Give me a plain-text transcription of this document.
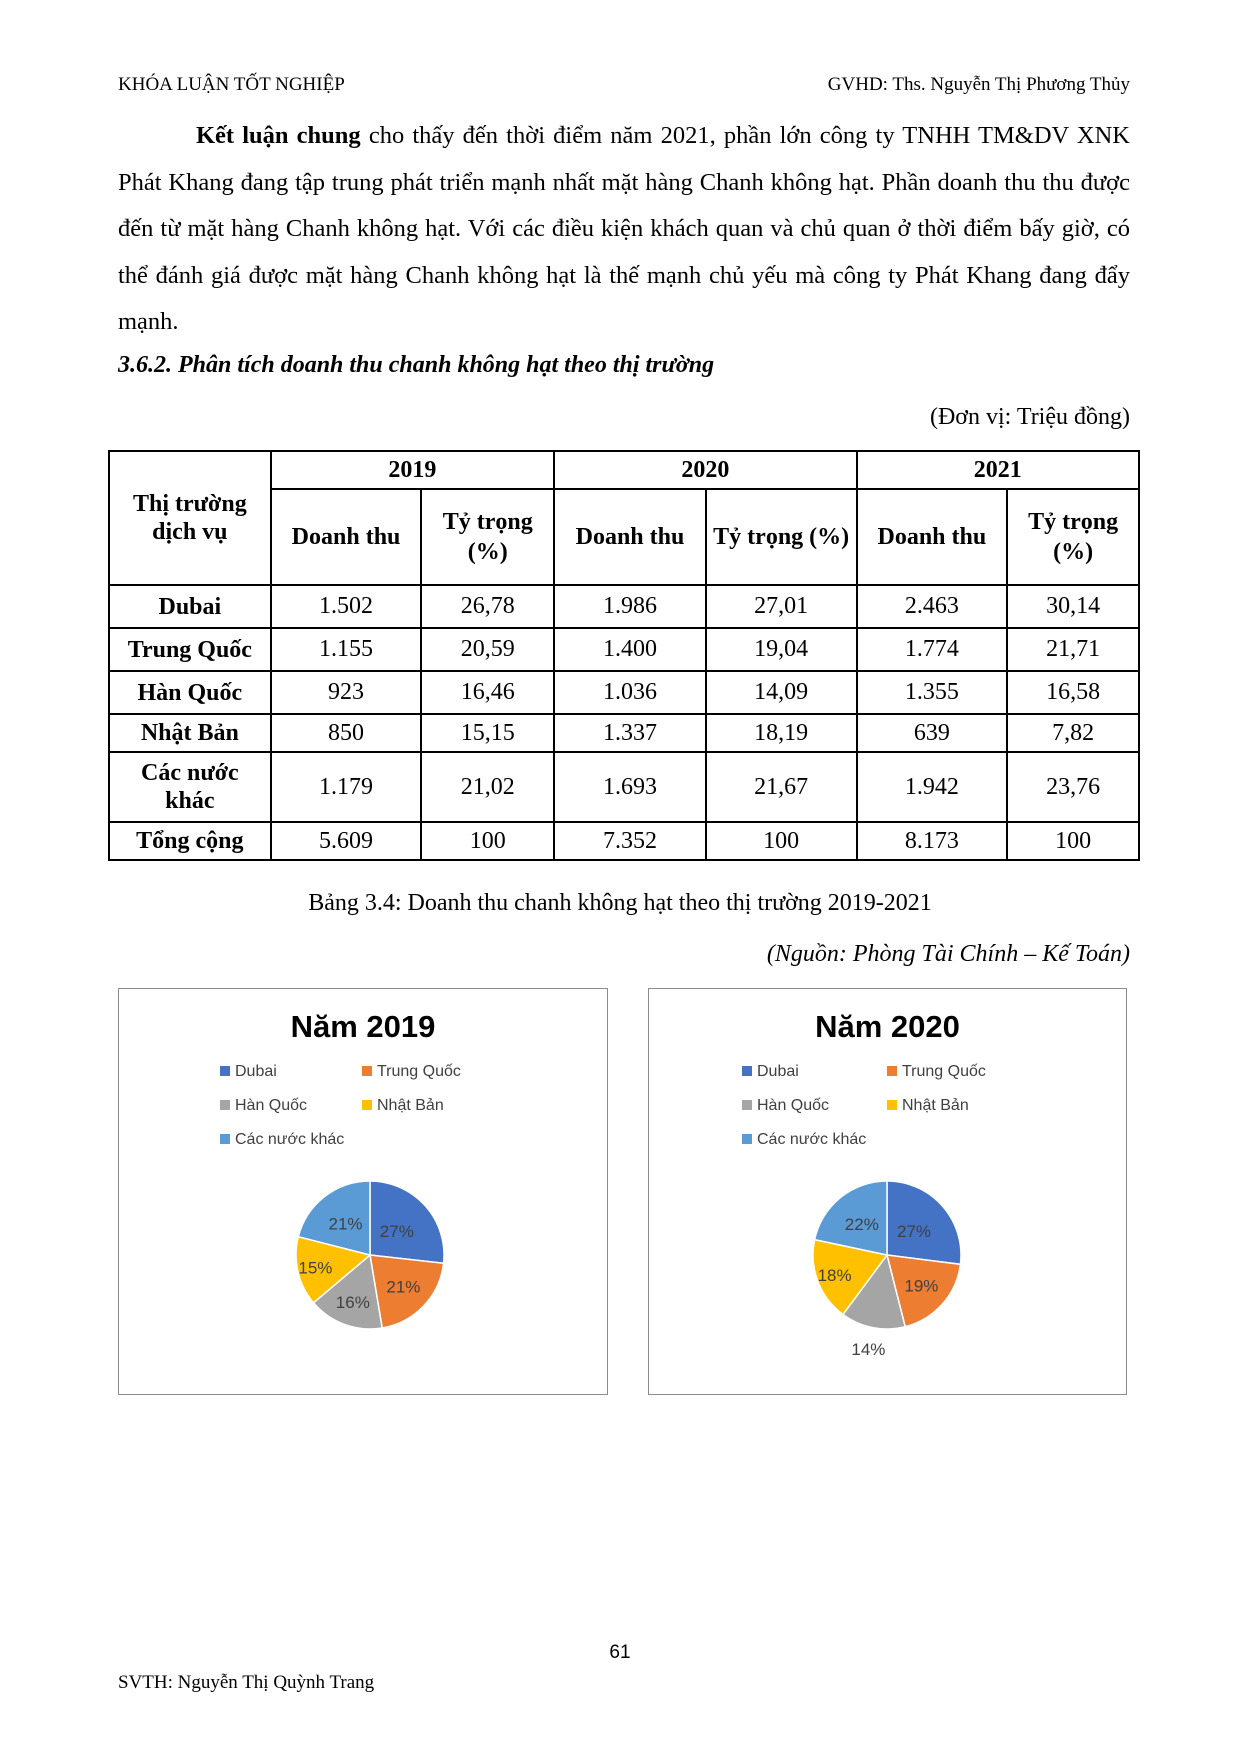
KHÓA LUẬN TỐT NGHIỆP	GVHD: Ths. Nguyễn Thị Phương Thủy
Kết luận chung cho thấy đến thời điểm năm 2021, phần lớn công ty TNHH TM&DV XNK Phát Khang đang tập trung phát triển mạnh nhất mặt hàng Chanh không hạt. Phần doanh thu thu được đến từ mặt hàng Chanh không hạt. Với các điều kiện khách quan và chủ quan ở thời điểm bấy giờ, có thể đánh giá được mặt hàng Chanh không hạt là thế mạnh chủ yếu mà công ty Phát Khang đang đẩy mạnh.
3.6.2. Phân tích doanh thu chanh không hạt theo thị trường
(Đơn vị: Triệu đồng)
Thị trường dịch vụ	2019		2020		2021	
	Doanh thu	Tỷ trọng (%)	Doanh thu	Tỷ trọng (%)	Doanh thu	Tỷ trọng (%)
Dubai	1.502	26,78	1.986	27,01	2.463	30,14
Trung Quốc	1.155	20,59	1.400	19,04	1.774	21,71
Hàn Quốc	923	16,46	1.036	14,09	1.355	16,58
Nhật Bản	850	15,15	1.337	18,19	639	7,82
Các nước khác	1.179	21,02	1.693	21,67	1.942	23,76
Tổng cộng	5.609	100	7.352	100	8.173	100
Bảng 3.4: Doanh thu chanh không hạt theo thị trường 2019-2021
(Nguồn: Phòng Tài Chính – Kế Toán)
Năm 2019
Dubai	Trung Quốc
Hàn Quốc	Nhật Bản
Các nước khác
27%
21%
16%
15%
21%
Năm 2020
Dubai	Trung Quốc
Hàn Quốc	Nhật Bản
Các nước khác
27%
19%
14%
18%
22%
61
SVTH: Nguyễn Thị Quỳnh Trang
